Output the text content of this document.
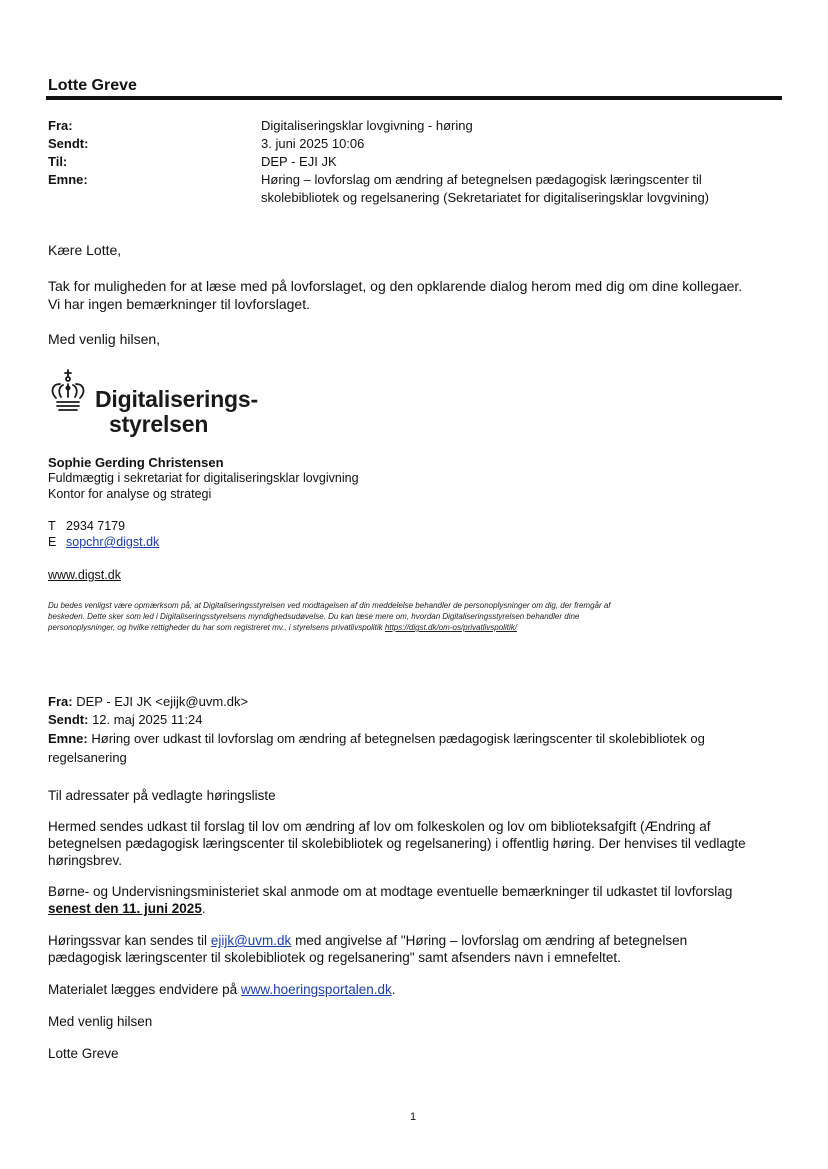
Lotte Greve
Fra:	Digitaliseringsklar lovgivning - høring
Sendt:	3. juni 2025 10:06
Til:	DEP - EJI JK
Emne:	Høring – lovforslag om ændring af betegnelsen pædagogisk læringscenter til
skolebibliotek og regelsanering (Sekretariatet for digitaliseringsklar lovgvining)
Kære Lotte,
Tak for muligheden for at læse med på lovforslaget, og den opklarende dialog herom med dig om dine kollegaer.
Vi har ingen bemærkninger til lovforslaget.
Med venlig hilsen,
Digitaliserings-
styrelsen
Sophie Gerding Christensen
Fuldmægtig i sekretariat for digitaliseringsklar lovgivning
Kontor for analyse og strategi
T 2934 7179
E sopchr@digst.dk
www.digst.dk
Du bedes venligst være opmærksom på, at Digitaliseringsstyrelsen ved modtagelsen af din meddelelse behandler de personoplysninger om dig, der fremgår af
beskeden. Dette sker som led i Digitaliseringsstyrelsens myndighedsudøvelse. Du kan læse mere om, hvordan Digitaliseringsstyrelsen behandler dine
personoplysninger, og hvilke rettigheder du har som registreret mv., i styrelsens privatlivspolitik https://digst.dk/om-os/privatlivspolitik/
Fra: DEP - EJI JK <ejijk@uvm.dk>
Sendt: 12. maj 2025 11:24
Emne: Høring over udkast til lovforslag om ændring af betegnelsen pædagogisk læringscenter til skolebibliotek og
regelsanering
Til adressater på vedlagte høringsliste
Hermed sendes udkast til forslag til lov om ændring af lov om folkeskolen og lov om biblioteksafgift (Ændring af
betegnelsen pædagogisk læringscenter til skolebibliotek og regelsanering) i offentlig høring. Der henvises til vedlagte
høringsbrev.
Børne- og Undervisningsministeriet skal anmode om at modtage eventuelle bemærkninger til udkastet til lovforslag
senest den 11. juni 2025.
Høringssvar kan sendes til ejijk@uvm.dk med angivelse af "Høring – lovforslag om ændring af betegnelsen
pædagogisk læringscenter til skolebibliotek og regelsanering" samt afsenders navn i emnefeltet.
Materialet lægges endvidere på www.hoeringsportalen.dk.
Med venlig hilsen
Lotte Greve
1
